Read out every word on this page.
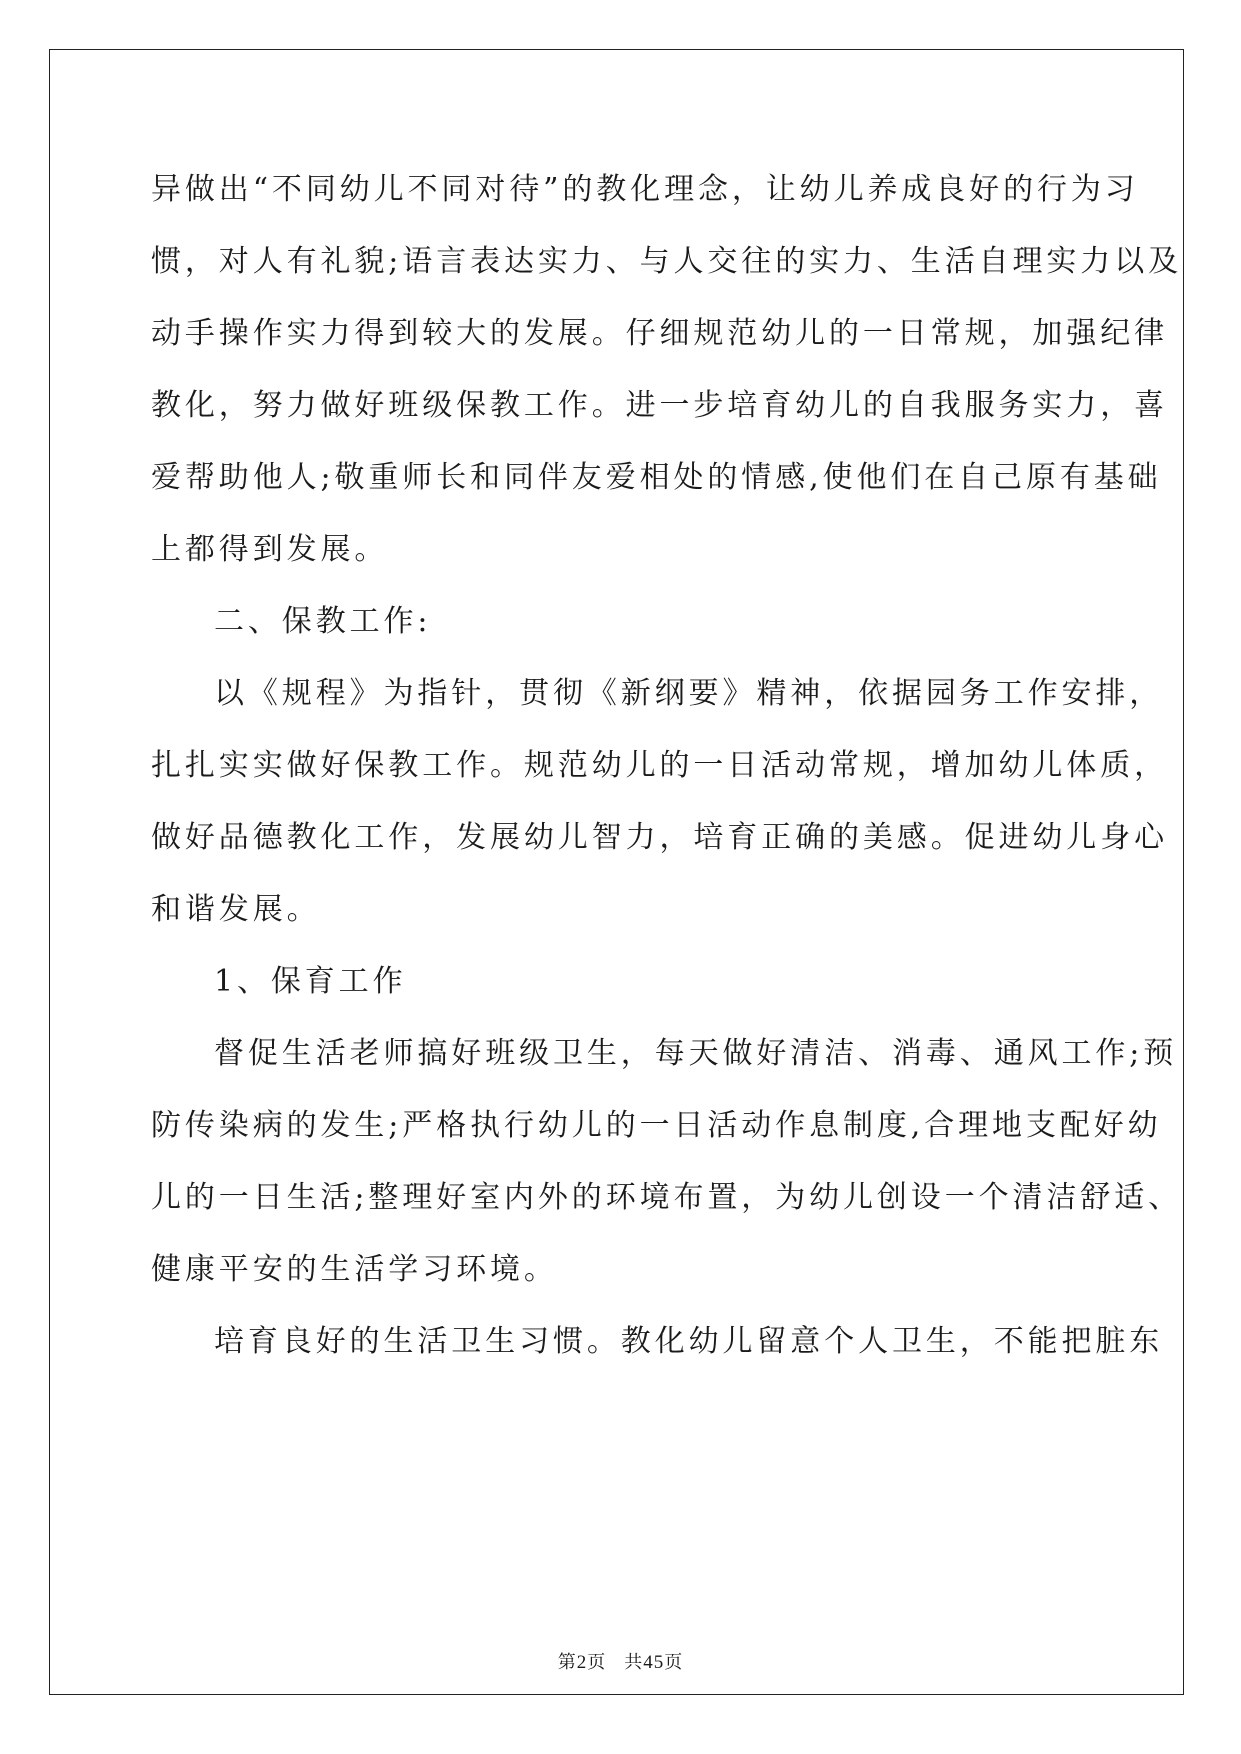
异做出“不同幼儿不同对待”的教化理念，让幼儿养成良好的行为习
惯，对人有礼貌;语言表达实力、与人交往的实力、生活自理实力以及
动手操作实力得到较大的发展。仔细规范幼儿的一日常规，加强纪律
教化，努力做好班级保教工作。进一步培育幼儿的自我服务实力，喜
爱帮助他人;敬重师长和同伴友爱相处的情感,使他们在自己原有基础
上都得到发展。
二、保教工作:
以《规程》为指针，贯彻《新纲要》精神，依据园务工作安排，
扎扎实实做好保教工作。规范幼儿的一日活动常规，增加幼儿体质，
做好品德教化工作，发展幼儿智力，培育正确的美感。促进幼儿身心
和谐发展。
1、保育工作
督促生活老师搞好班级卫生，每天做好清洁、消毒、通风工作;预
防传染病的发生;严格执行幼儿的一日活动作息制度,合理地支配好幼
儿的一日生活;整理好室内外的环境布置，为幼儿创设一个清洁舒适、
健康平安的生活学习环境。
培育良好的生活卫生习惯。教化幼儿留意个人卫生，不能把脏东
第2页 共45页
